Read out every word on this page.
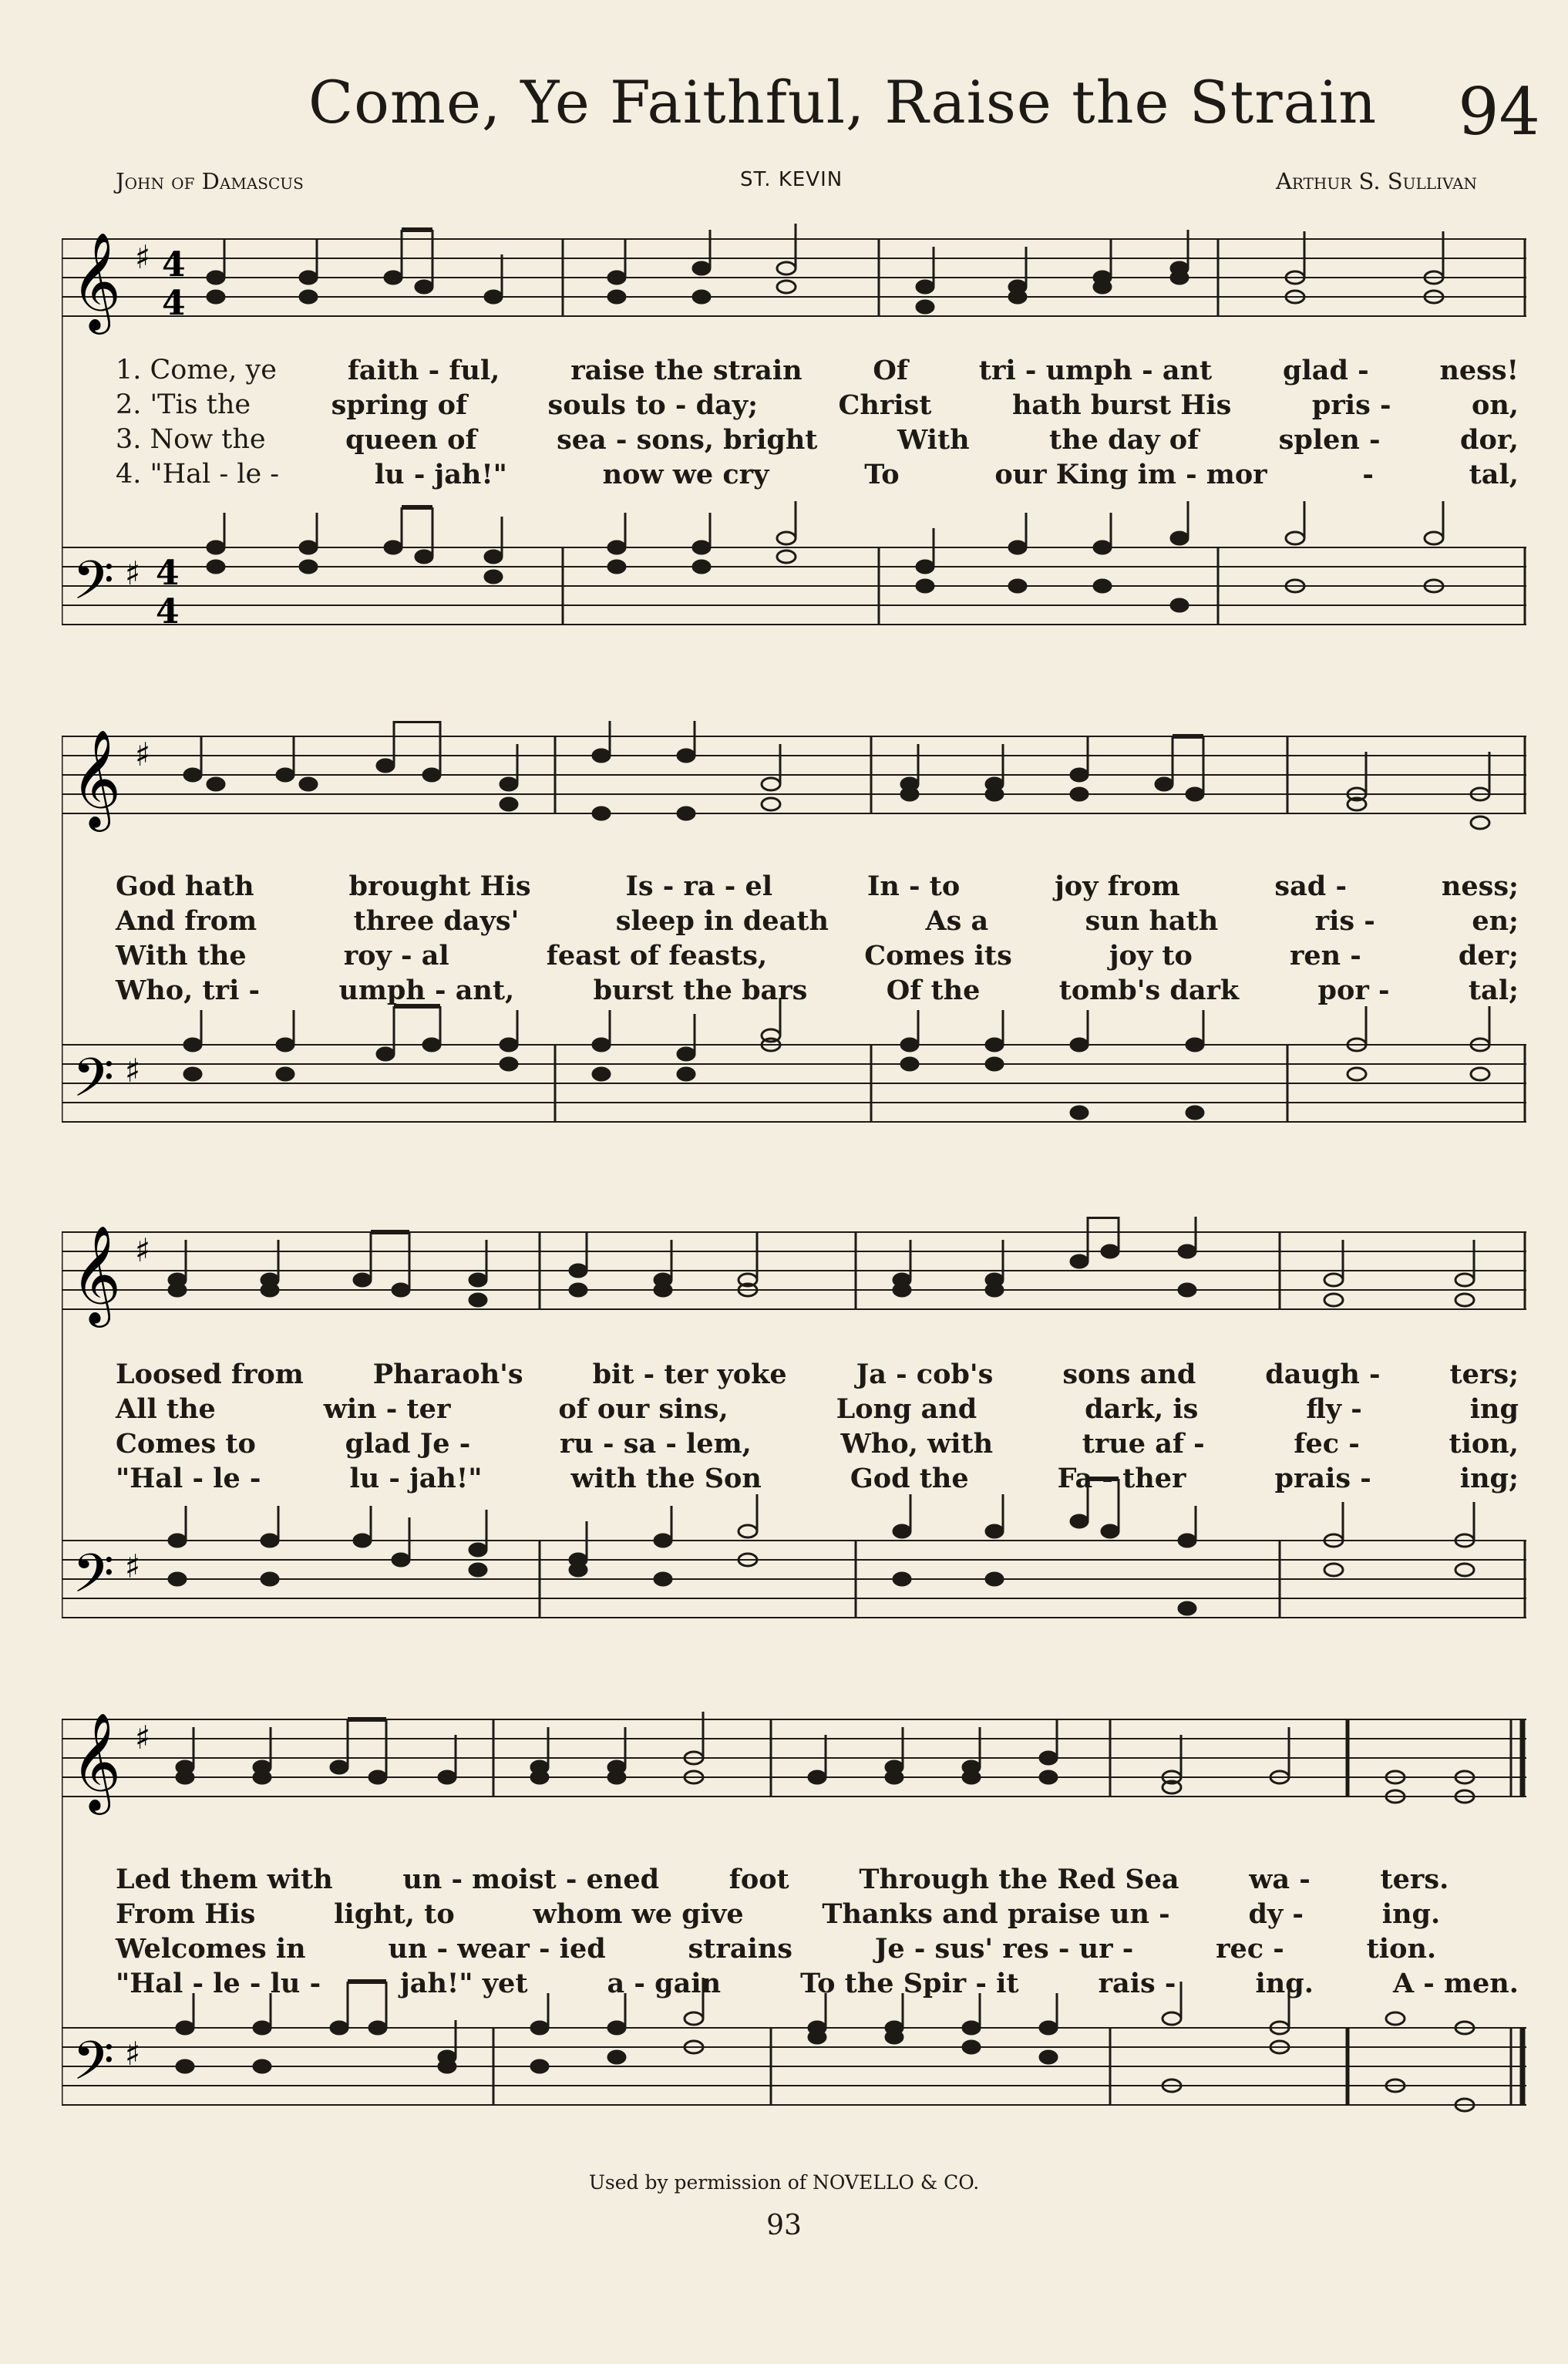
Come, Ye Faithful, Raise the Strain 94
John of Damascus	ST. KEVIN	Arthur S. Sullivan
𝄞
𝄢
♯
♯
4
4
4
4
1. Come, ye	faith - ful,	raise the strain	Of	tri - umph - ant	glad -	ness!
2. 'Tis the	spring of	souls to - day;	Christ	hath burst His	pris -	on,
3. Now the	queen of	sea - sons, bright	With	the day of	splen -	dor,
4. "Hal - le -	lu - jah!"	now we cry	To	our King im - mor	-	tal,
𝄞
𝄢
♯
♯
God hath	brought His	Is - ra - el	In - to	joy from	sad -	ness;
And from	three days'	sleep in death	As a	sun hath	ris -	en;
With the	roy - al	feast of feasts,	Comes its	joy to	ren -	der;
Who, tri -	umph - ant,	burst the bars	Of the	tomb's dark	por -	tal;
𝄞
𝄢
♯
♯
Loosed from	Pharaoh's	bit - ter yoke	Ja - cob's	sons and	daugh -	ters;
All the	win - ter	of our sins,	Long and	dark, is	fly -	ing
Comes to	glad Je -	ru - sa - lem,	Who, with	true af -	fec -	tion,
"Hal - le -	lu - jah!"	with the Son	God the	Fa - ther	prais -	ing;
𝄞
𝄢
♯
♯
Led them with	un - moist - ened	foot	Through the Red Sea	wa -	ters.
From His	light, to	whom we give	Thanks and praise un -	dy -	ing.
Welcomes in	un - wear - ied	strains	Je - sus' res - ur -	rec -	tion.
"Hal - le - lu -	jah!" yet	a - gain	To the Spir - it	rais -	ing.	A - men.
Used by permission of NOVELLO & CO.
93
